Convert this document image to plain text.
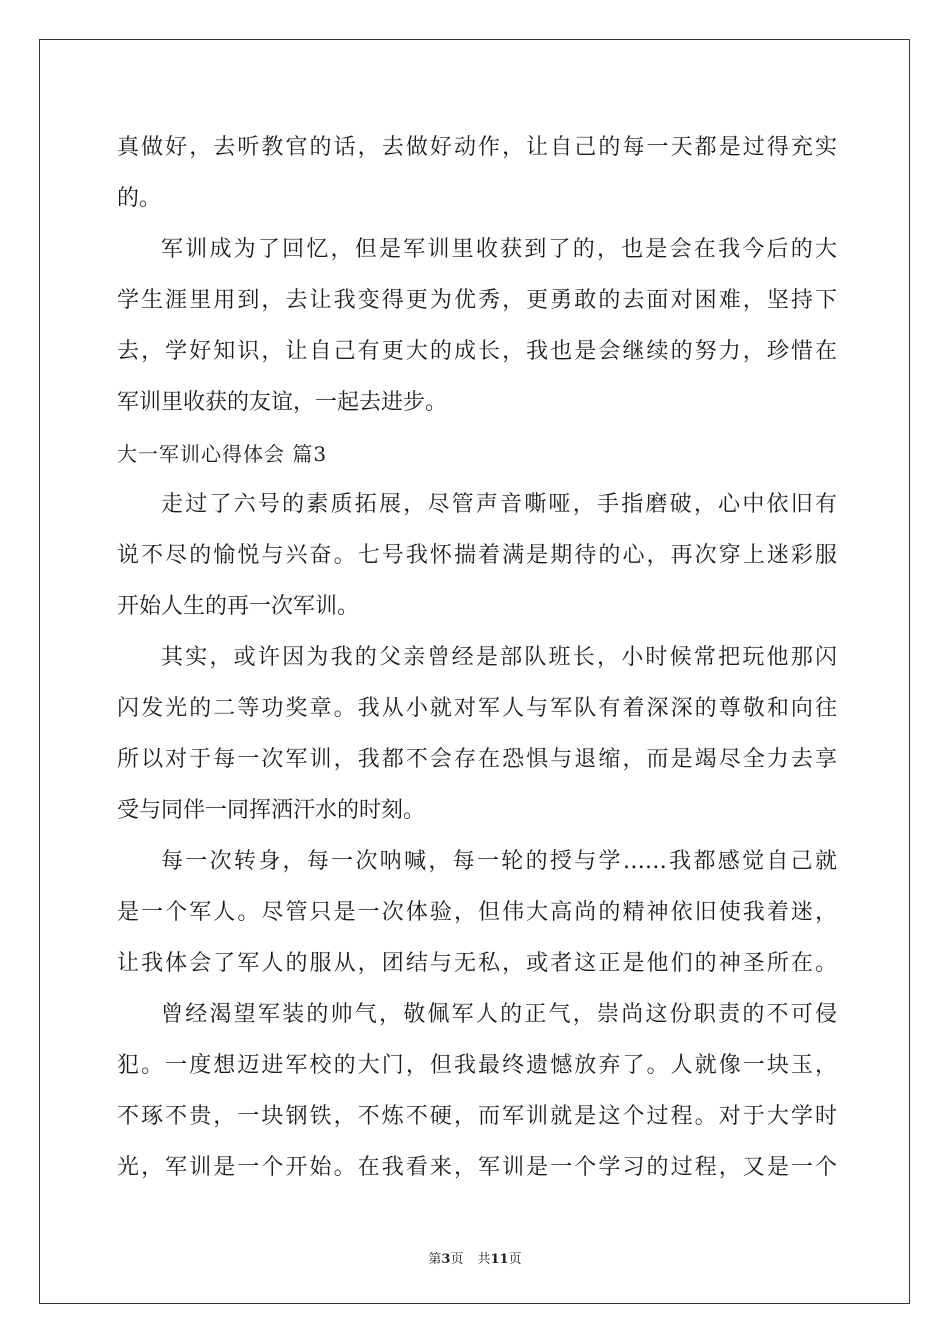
真做好，去听教官的话，去做好动作，让自己的每一天都是过得充实
的。
军训成为了回忆，但是军训里收获到了的，也是会在我今后的大
学生涯里用到，去让我变得更为优秀，更勇敢的去面对困难，坚持下
去，学好知识，让自己有更大的成长，我也是会继续的努力，珍惜在
军训里收获的友谊，一起去进步。
大一军训心得体会 篇3
走过了六号的素质拓展，尽管声音嘶哑，手指磨破，心中依旧有
说不尽的愉悦与兴奋。七号我怀揣着满是期待的心，再次穿上迷彩服
开始人生的再一次军训。
其实，或许因为我的父亲曾经是部队班长，小时候常把玩他那闪
闪发光的二等功奖章。我从小就对军人与军队有着深深的尊敬和向往
所以对于每一次军训，我都不会存在恐惧与退缩，而是竭尽全力去享
受与同伴一同挥洒汗水的时刻。
每一次转身，每一次呐喊，每一轮的授与学……我都感觉自己就
是一个军人。尽管只是一次体验，但伟大高尚的精神依旧使我着迷，
让我体会了军人的服从，团结与无私，或者这正是他们的神圣所在。
曾经渴望军装的帅气，敬佩军人的正气，崇尚这份职责的不可侵
犯。一度想迈进军校的大门，但我最终遗憾放弃了。人就像一块玉，
不琢不贵，一块钢铁，不炼不硬，而军训就是这个过程。对于大学时
光，军训是一个开始。在我看来，军训是一个学习的过程，又是一个
第3页 共11页
